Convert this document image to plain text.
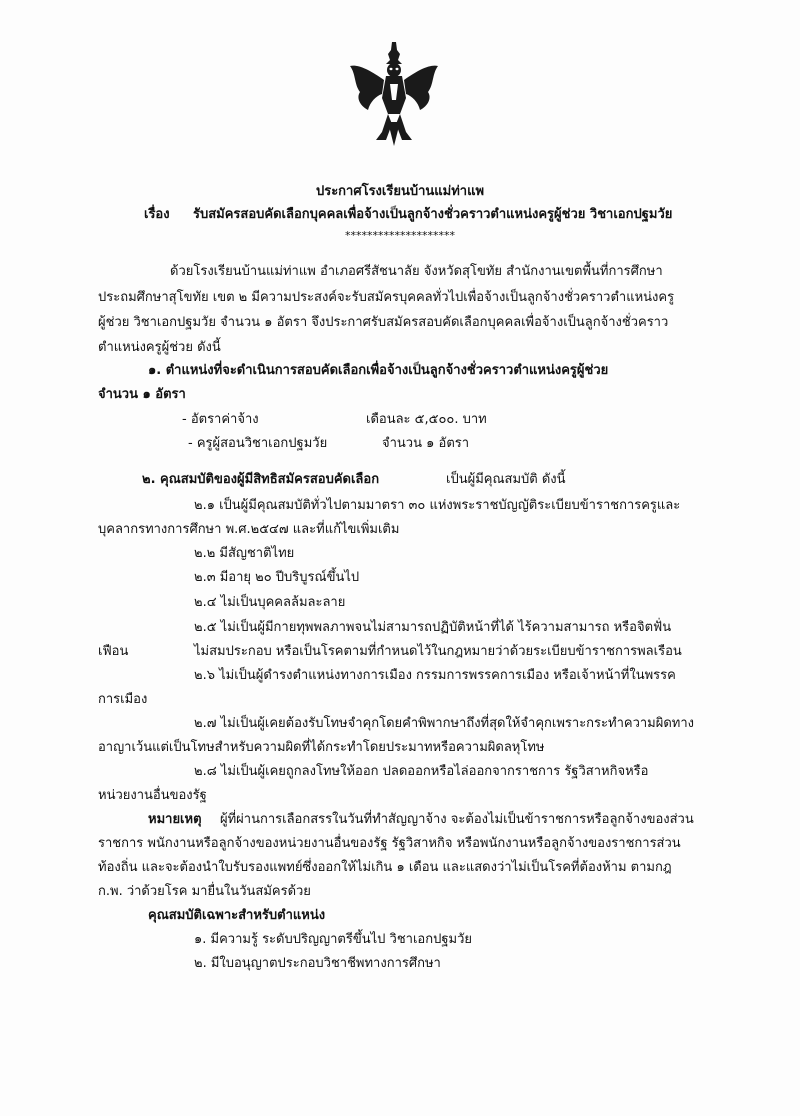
ประกาศโรงเรียนบ้านแม่ท่าแพ
เรื่อง รับสมัครสอบคัดเลือกบุคคลเพื่อจ้างเป็นลูกจ้างชั่วคราวตำแหน่งครูผู้ช่วย วิชาเอกปฐมวัย
********************
ด้วยโรงเรียนบ้านแม่ท่าแพ อำเภอศรีสัชนาลัย จังหวัดสุโขทัย สำนักงานเขตพื้นที่การศึกษา
ประถมศึกษาสุโขทัย เขต ๒ มีความประสงค์จะรับสมัครบุคคลทั่วไปเพื่อจ้างเป็นลูกจ้างชั่วคราวตำแหน่งครู
ผู้ช่วย วิชาเอกปฐมวัย จำนวน ๑ อัตรา จึงประกาศรับสมัครสอบคัดเลือกบุคคลเพื่อจ้างเป็นลูกจ้างชั่วคราว
ตำแหน่งครูผู้ช่วย ดังนี้
๑. ตำแหน่งที่จะดำเนินการสอบคัดเลือกเพื่อจ้างเป็นลูกจ้างชั่วคราวตำแหน่งครูผู้ช่วย
จำนวน ๑ อัตรา
- อัตราค่าจ้าง	เดือนละ ๕,๕๐๐. บาท
- ครูผู้สอนวิชาเอกปฐมวัย	จำนวน ๑ อัตรา
๒. คุณสมบัติของผู้มีสิทธิสมัครสอบคัดเลือก	เป็นผู้มีคุณสมบัติ ดังนี้
๒.๑ เป็นผู้มีคุณสมบัติทั่วไปตามมาตรา ๓๐ แห่งพระราชบัญญัติระเบียบข้าราชการครูและ
บุคลากรทางการศึกษา พ.ศ.๒๕๔๗ และที่แก้ไขเพิ่มเติม
๒.๒ มีสัญชาติไทย
๒.๓ มีอายุ ๒๐ ปีบริบูรณ์ขึ้นไป
๒.๔ ไม่เป็นบุคคลล้มละลาย
๒.๕ ไม่เป็นผู้มีกายทุพพลภาพจนไม่สามารถปฏิบัติหน้าที่ได้ ไร้ความสามารถ หรือจิตฟั่น
เฟือน	ไม่สมประกอบ หรือเป็นโรคตามที่กำหนดไว้ในกฎหมายว่าด้วยระเบียบข้าราชการพลเรือน
๒.๖ ไม่เป็นผู้ดำรงตำแหน่งทางการเมือง กรรมการพรรคการเมือง หรือเจ้าหน้าที่ในพรรค
การเมือง
๒.๗ ไม่เป็นผู้เคยต้องรับโทษจำคุกโดยคำพิพากษาถึงที่สุดให้จำคุกเพราะกระทำความผิดทาง
อาญาเว้นแต่เป็นโทษสำหรับความผิดที่ได้กระทำโดยประมาทหรือความผิดลหุโทษ
๒.๘ ไม่เป็นผู้เคยถูกลงโทษให้ออก ปลดออกหรือไล่ออกจากราชการ รัฐวิสาหกิจหรือ
หน่วยงานอื่นของรัฐ
หมายเหตุ ผู้ที่ผ่านการเลือกสรรในวันที่ทำสัญญาจ้าง จะต้องไม่เป็นข้าราชการหรือลูกจ้างของส่วน
ราชการ พนักงานหรือลูกจ้างของหน่วยงานอื่นของรัฐ รัฐวิสาหกิจ หรือพนักงานหรือลูกจ้างของราชการส่วน
ท้องถิ่น และจะต้องนำใบรับรองแพทย์ซึ่งออกให้ไม่เกิน ๑ เดือน และแสดงว่าไม่เป็นโรคที่ต้องห้าม ตามกฎ
ก.พ. ว่าด้วยโรค มายื่นในวันสมัครด้วย
คุณสมบัติเฉพาะสำหรับตำแหน่ง
๑. มีความรู้ ระดับปริญญาตรีขึ้นไป วิชาเอกปฐมวัย
๒. มีใบอนุญาตประกอบวิชาชีพทางการศึกษา
